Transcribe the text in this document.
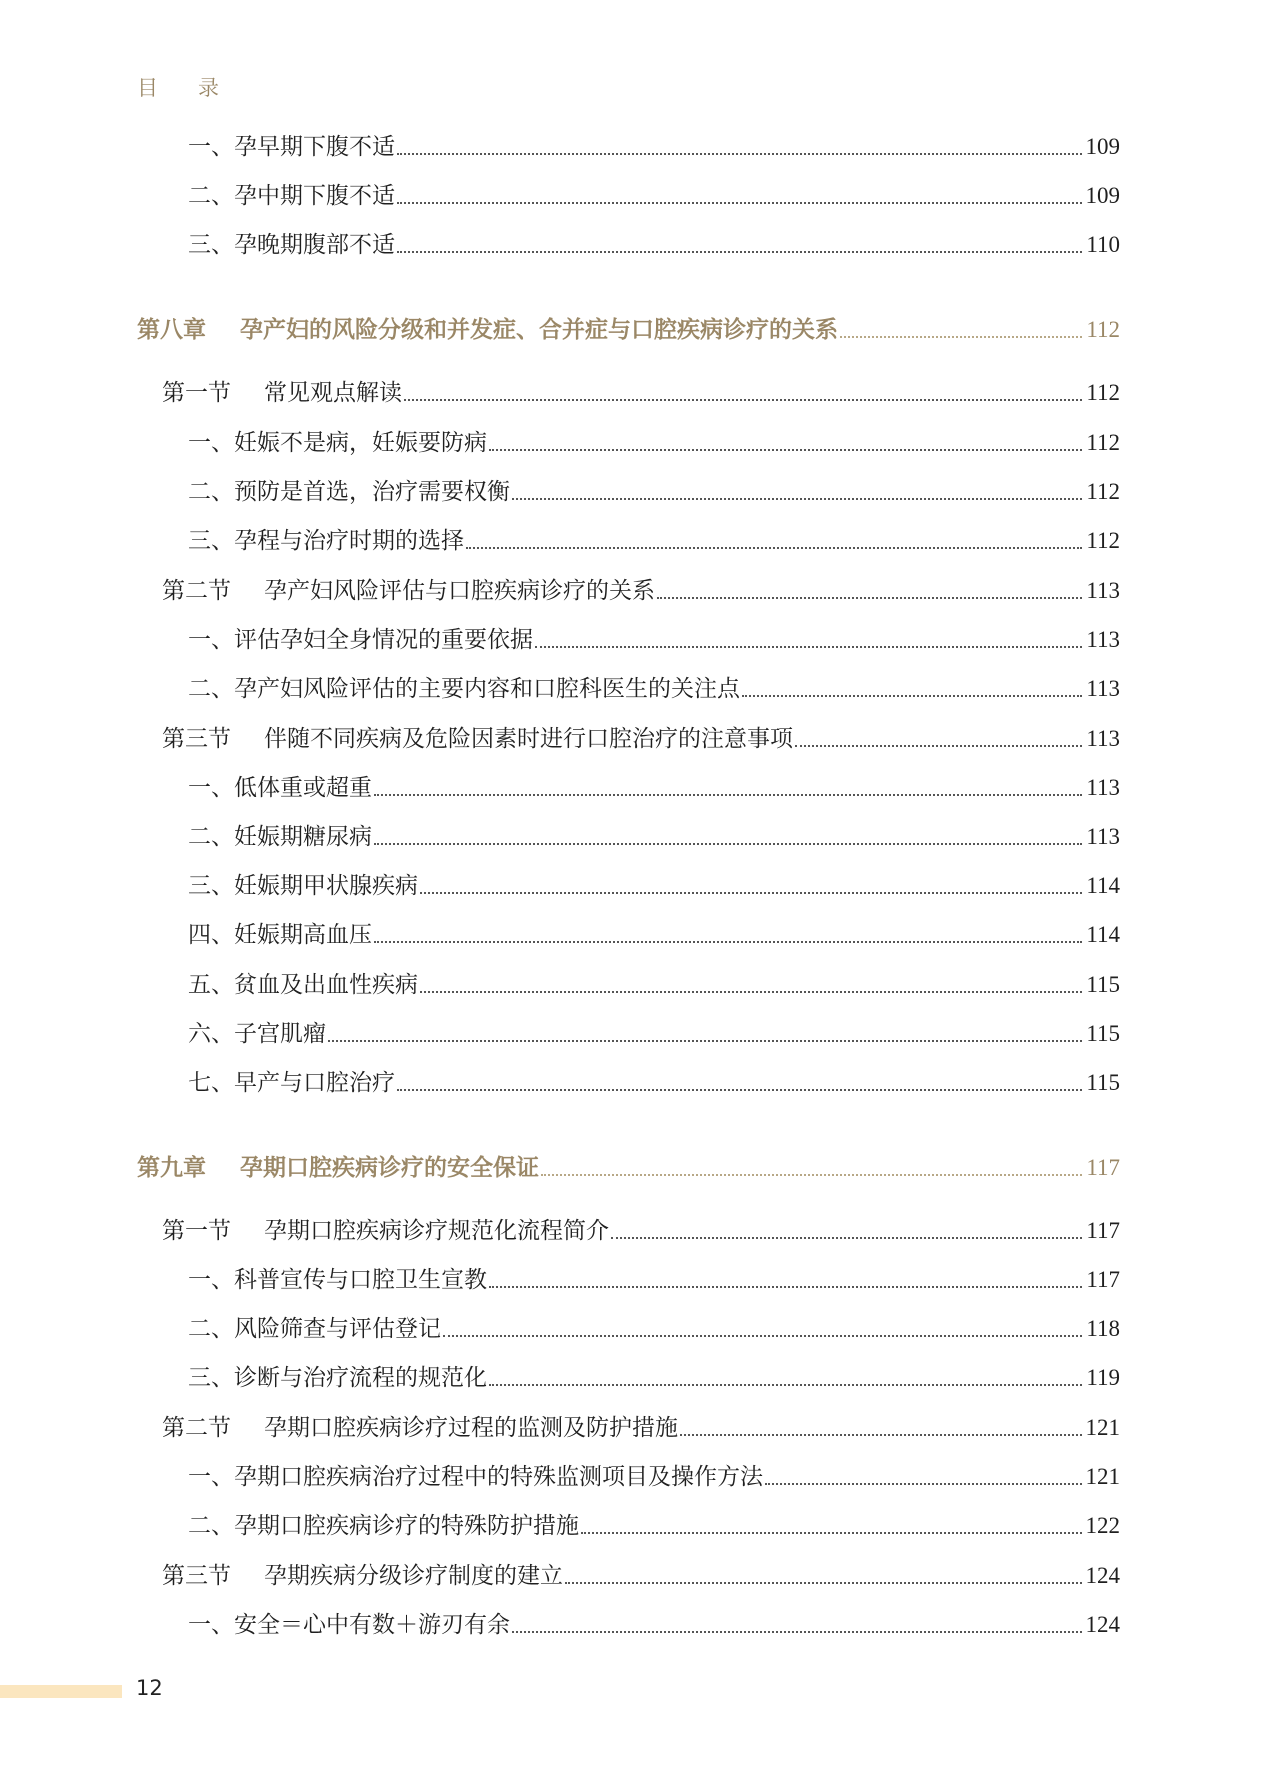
目 录
一、孕早期下腹不适	109
二、孕中期下腹不适	109
三、孕晚期腹部不适	110
第八章 孕产妇的风险分级和并发症、合并症与口腔疾病诊疗的关系	112
第一节 常见观点解读	112
一、妊娠不是病，妊娠要防病	112
二、预防是首选，治疗需要权衡	112
三、孕程与治疗时期的选择	112
第二节 孕产妇风险评估与口腔疾病诊疗的关系	113
一、评估孕妇全身情况的重要依据	113
二、孕产妇风险评估的主要内容和口腔科医生的关注点	113
第三节 伴随不同疾病及危险因素时进行口腔治疗的注意事项	113
一、低体重或超重	113
二、妊娠期糖尿病	113
三、妊娠期甲状腺疾病	114
四、妊娠期高血压	114
五、贫血及出血性疾病	115
六、子宫肌瘤	115
七、早产与口腔治疗	115
第九章 孕期口腔疾病诊疗的安全保证	117
第一节 孕期口腔疾病诊疗规范化流程简介	117
一、科普宣传与口腔卫生宣教	117
二、风险筛查与评估登记	118
三、诊断与治疗流程的规范化	119
第二节 孕期口腔疾病诊疗过程的监测及防护措施	121
一、孕期口腔疾病治疗过程中的特殊监测项目及操作方法	121
二、孕期口腔疾病诊疗的特殊防护措施	122
第三节 孕期疾病分级诊疗制度的建立	124
一、安全＝心中有数＋游刃有余	124
12
